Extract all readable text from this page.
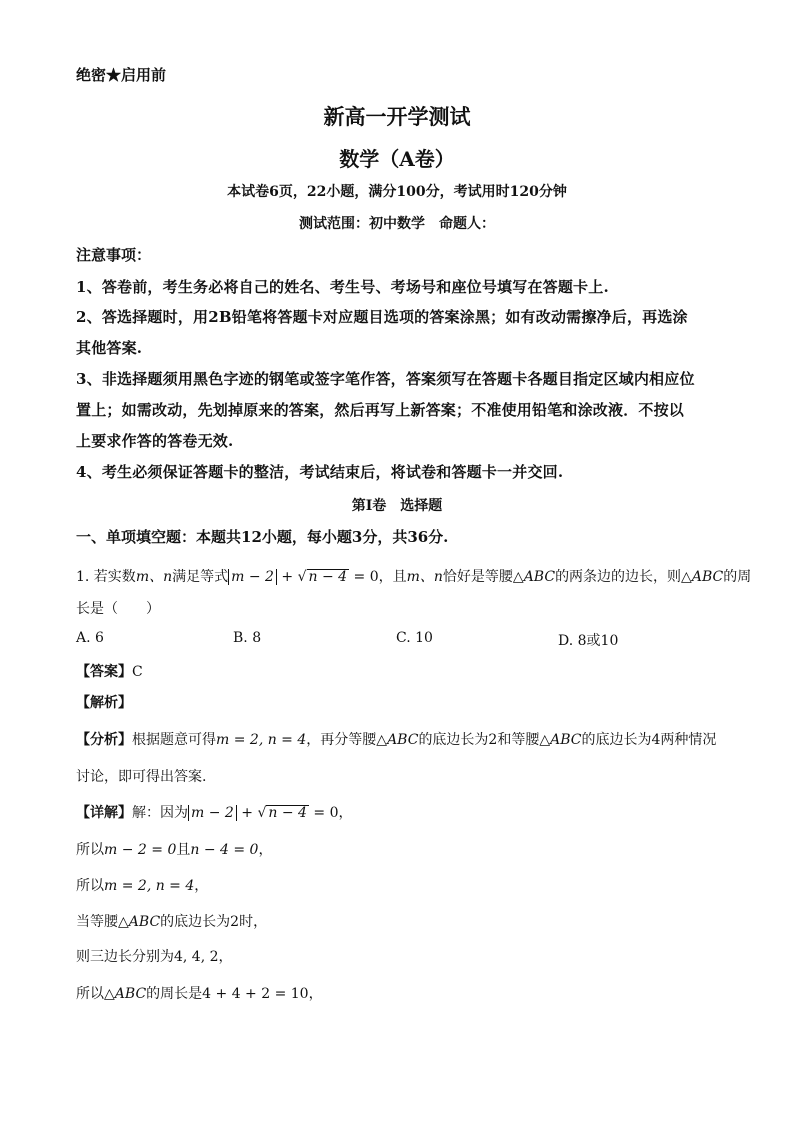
绝密★启用前
新高一开学测试
数学（A卷）
本试卷6页，22小题，满分100分，考试用时120分钟
测试范围：初中数学　命题人：
注意事项：
1、答卷前，考生务必将自己的姓名、考生号、考场号和座位号填写在答题卡上.
2、答选择题时，用2B铅笔将答题卡对应题目选项的答案涂黑；如有改动需擦净后，再选涂
其他答案.
3、非选择题须用黑色字迹的钢笔或签字笔作答，答案须写在答题卡各题目指定区域内相应位
置上；如需改动，先划掉原来的答案，然后再写上新答案；不准使用铅笔和涂改液．不按以
上要求作答的答卷无效.
4、考生必须保证答题卡的整洁，考试结束后，将试卷和答题卡一并交回.
第Ⅰ卷　选择题
一、单项填空题：本题共12小题，每小题3分，共36分.
1. 若实数m、n满足等式 m − 2 + √ n − 4 = 0，且m、n恰好是等腰△ABC的两条边的边长，则△ABC的周
长是（　　）
A. 6	B. 8	C. 10	D. 8或10
【答案】C
【解析】
【分析】根据题意可得m = 2, n = 4，再分等腰△ABC的底边长为2和等腰△ABC的底边长为4两种情况
讨论，即可得出答案.
【详解】解：因为 m − 2 + √ n − 4 = 0，
所以m − 2 = 0且n − 4 = 0，
所以m = 2, n = 4，
当等腰△ABC的底边长为2时，
则三边长分别为4, 4, 2，
所以△ABC的周长是4 + 4 + 2 = 10，
